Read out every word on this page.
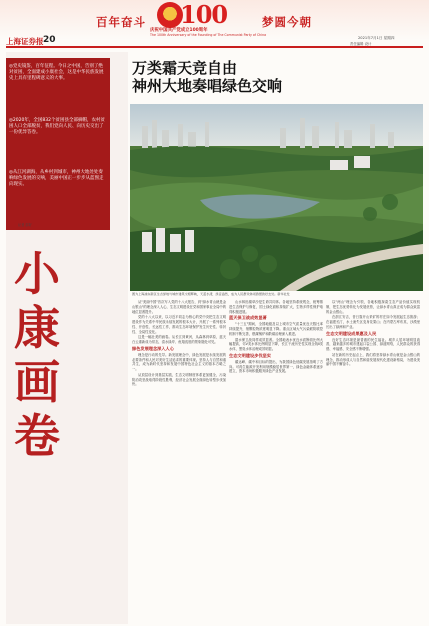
100
百年奋斗	梦圆今朝
庆祝中国共产党成立100周年
The 100th Anniversary of the Founding of The Communist Party of China
上海证券报 20	2021年7月1日 星期四
责任编辑 设计
◎党史镜鉴，百年征程。今日之中国，告别了绝对贫困，全面建成小康社会，这是中华民族发展史上具有里程碑意义的大事。
◎2020年，全国832个贫困县全部摘帽，农村贫困人口全部脱贫，我们党向人民、向历史交出了一份优异答卷。
◎从江河湖海，从乡村到城市，神州大地处处奏响绿色发展的交响，美丽中国正一步步从蓝图走向现实。
记者 邵好
小
康
画
卷
万类霜天竞自由
神州大地奏唱绿色交响
图为上海浦东新区生态绿地与城市建筑交相辉映，天蓝水清，绿意盎然，成为人民群众休闲游憩的好去处。新华社发

从"美丽中国"首次写入党的十八大报告，到"绿水青山就是金山银山"的理念深入人心，生态文明建设在党和国家事业全局中的地位显著提升。

党的十八大以来，以习近平同志为核心的党中央把生态文明建设作为关系中华民族永续发展的根本大计，开展了一系列根本性、开创性、长远性工作，推动生态环境保护发生历史性、转折性、全局性变化。

这是一幅壮美的画卷。从长江到黄河，从森林到草原，蓝天白云重新成为常态，清水绿岸、鱼翔浅底的景象随处可见。

绿色发展理念深入人心

理念是行动的先导。新发展理念中，绿色发展是永续发展的必要条件和人民对美好生活追求的重要体现。坚持人与自然和谐共生，成为新时代坚持和发展中国特色社会主义的基本方略之一。

从顶层设计到基层实践，生态文明制度体系更加健全，污染防治攻坚战取得阶段性胜利，经济社会发展全面绿色转型步伐加快。

山水林田湖草沙是生命共同体。各地坚持系统观念，统筹推进生态保护与修复，国土绿化面积持续扩大，生物多样性保护取得积极进展。

蓝天保卫战成效显著

"十三五"期间，全国地级及以上城市空气质量优良天数比率持续提升，细颗粒物浓度明显下降。重点区域大气污染联防联控机制不断完善，燃煤锅炉和散煤治理深入推进。

碧水保卫战同样成效显著。全国地表水优良水质断面比例大幅提高，劣Ⅴ类水体比例明显下降，长江干流历史性实现全线Ⅱ类水体，黑臭水体治理成效明显。

生态文明建设步伐坚实

碳达峰、碳中和目标的提出，为我国绿色低碳发展指明了方向。可再生能源开发利用规模稳居世界第一，绿色金融体系逐步建立，资本市场积极服务绿色产业发展。

以"两山"理念为引领，各地积极探索生态产品价值实现机制，把生态优势转化为发展优势，让绿水青山真正成为群众致富的金山银山。

在浙江安吉，昔日靠开山采矿的村庄如今发展起生态旅游；在福建长汀，水土流失区变身花果山；在内蒙古库布其，沙漠里长出了绿洲和产业。

生态文明建设成果惠及人民

良好生态环境是最普惠的民生福祉。城乡人居环境明显改善，越来越多的城市建起口袋公园、绿道网络，人民群众的获得感、幸福感、安全感不断增强。

站在新的历史起点上，我们将坚持绿水青山就是金山银山的理念，推动形成人与自然和谐发展现代化建设新格局，为建设美丽中国不懈奋斗。
